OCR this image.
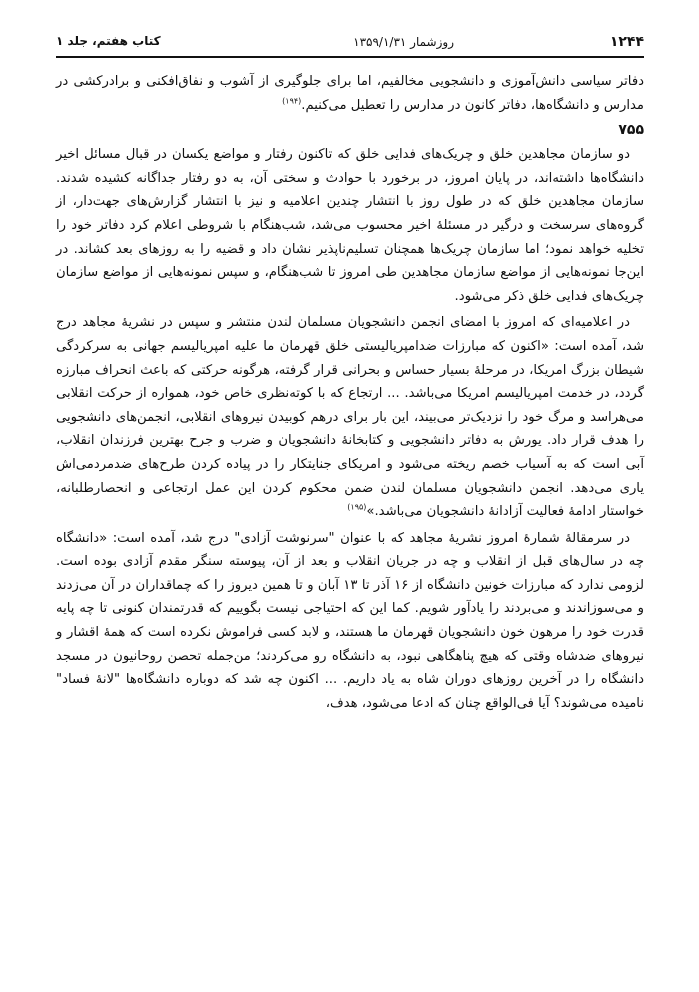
۱۲۴۴
روزشمار ۱۳۵۹/۱/۳۱
کتاب هفتم، جلد ۱

دفاتر سیاسی دانش‌آموزی و دانشجویی مخالفیم، اما برای جلوگیری از آشوب و نفاق‌افکنی و برادرکشی در مدارس و دانشگاه‌ها، دفاتر کانون در مدارس را تعطیل می‌کنیم.$^{(۱۹۴)}$

۷۵۵

دو سازمان مجاهدین خلق و چریک‌های فدایی خلق که تاکنون رفتار و مواضع یکسان در قبال مسائل اخیر دانشگاه‌ها داشته‌اند، در پایان امروز، در برخورد با حوادث و سختی آن، به دو رفتار جداگانه کشیده شدند. سازمان مجاهدین خلق که در طول روز با انتشار چندین اعلامیه و نیز با انتشار گزارش‌های جهت‌دار، از گروه‌های سرسخت و درگیر در مسئلهٔ اخیر محسوب می‌شد، شب‌هنگام با شروطی اعلام کرد دفاتر خود را تخلیه خواهد نمود؛ اما سازمان چریک‌ها همچنان تسلیم‌ناپذیر نشان داد و قضیه را به روزهای بعد کشاند. در این‌جا نمونه‌هایی از مواضع سازمان مجاهدین طی امروز تا شب‌هنگام، و سپس نمونه‌هایی از مواضع سازمان چریک‌های فدایی خلق ذکر می‌شود.

در اعلامیه‌ای که امروز با امضای انجمن دانشجویان مسلمان لندن منتشر و سپس در نشریهٔ مجاهد درج شد، آمده است: «اکنون که مبارزات ضدامپریالیستی خلق قهرمان ما علیه امپریالیسم جهانی به سرکردگی شیطان بزرگ امریکا، در مرحلهٔ بسیار حساس و بحرانی قرار گرفته، هرگونه حرکتی که باعث انحراف مبارزه گردد، در خدمت امپریالیسم امریکا می‌باشد. ... ارتجاع که با کوته‌نظری خاص خود، همواره از حرکت انقلابی می‌هراسد و مرگ خود را نزدیک‌تر می‌بیند، این بار برای درهم کوبیدن نیروهای انقلابی، انجمن‌های دانشجویی را هدف قرار داد. یورش به دفاتر دانشجویی و کتابخانهٔ دانشجویان و ضرب و جرح بهترین فرزندان انقلاب، آبی است که به آسیاب خصم ریخته می‌شود و امریکای جنایتکار را در پیاده کردن طرح‌های ضدمردمی‌اش یاری می‌دهد. انجمن دانشجویان مسلمان لندن ضمن محکوم کردن این عمل ارتجاعی و انحصارطلبانه، خواستار ادامهٔ فعالیت آزادانهٔ دانشجویان می‌باشد.»$^{(۱۹۵)}$

در سرمقالهٔ شمارهٔ امروز نشریهٔ مجاهد که با عنوان "سرنوشت آزادی" درج شد، آمده است: «دانشگاه چه در سال‌های قبل از انقلاب و چه در جریان انقلاب و بعد از آن، پیوسته سنگر مقدم آزادی بوده است. لزومی ندارد که مبارزات خونین دانشگاه از ۱۶ آذر تا ۱۳ آبان و تا همین دیروز را که چماقداران در آن می‌زدند و می‌سوزاندند و می‌بردند را یادآور شویم. کما این که احتیاجی نیست بگوییم که قدرتمندان کنونی تا چه پایه قدرت خود را مرهون خون دانشجویان قهرمان ما هستند، و لابد کسی فراموش نکرده است که همهٔ اقشار و نیروهای ضدشاه وقتی که هیچ پناهگاهی نبود، به دانشگاه رو می‌کردند؛ من‌جمله تحصن روحانیون در مسجد دانشگاه را در آخرین روزهای دوران شاه به یاد داریم. ... اکنون چه شد که دوباره دانشگاه‌ها "لانهٔ فساد" نامیده می‌شوند؟ آیا فی‌الواقع چنان که ادعا می‌شود، هدف،
